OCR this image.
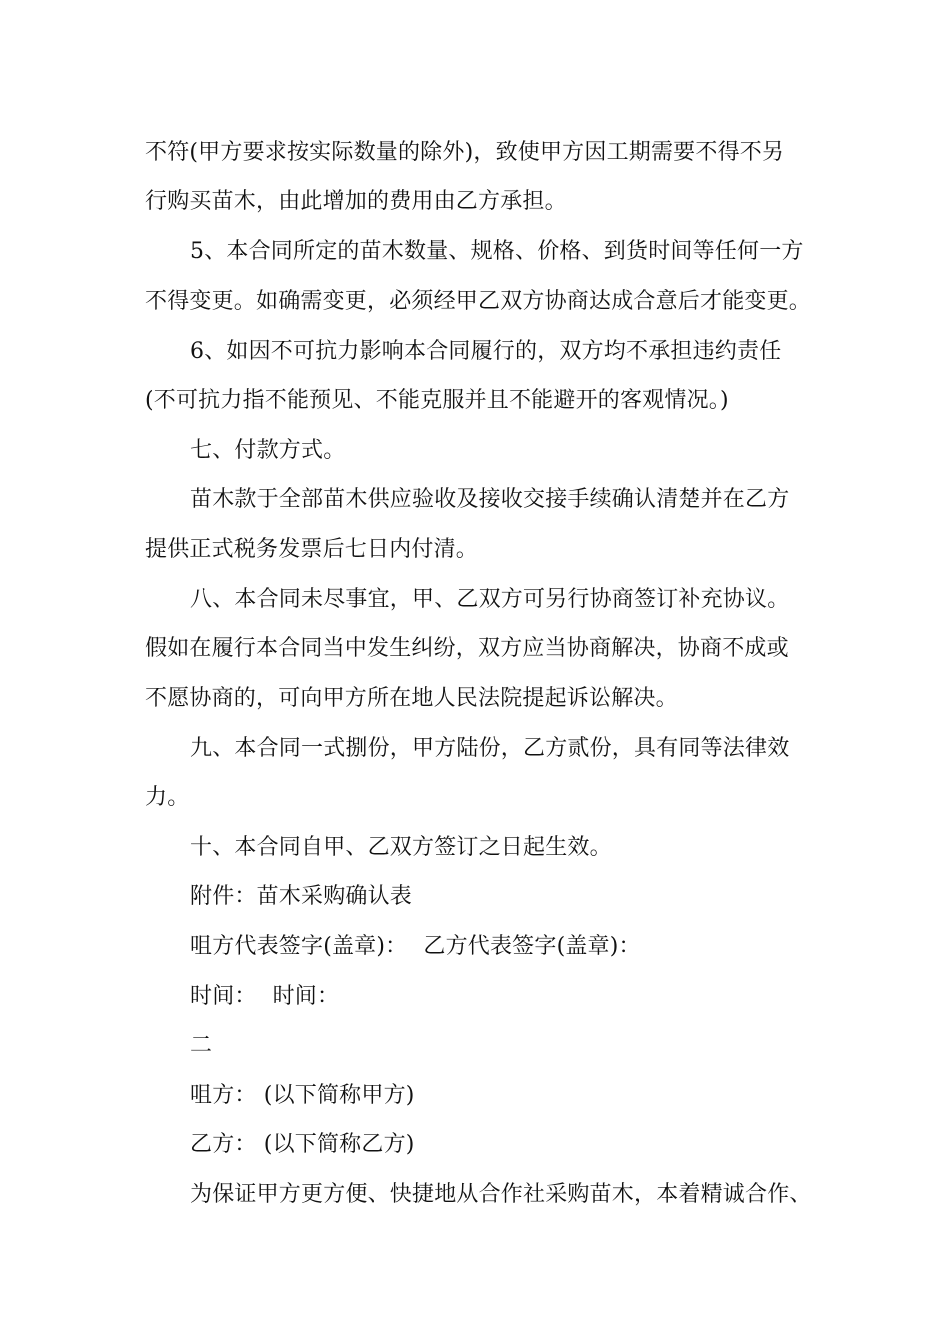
不符(甲方要求按实际数量的除外)，致使甲方因工期需要不得不另
行购买苗木，由此增加的费用由乙方承担。
5、本合同所定的苗木数量、规格、价格、到货时间等任何一方
不得变更。如确需变更，必须经甲乙双方协商达成合意后才能变更。
6、如因不可抗力影响本合同履行的，双方均不承担违约责任
(不可抗力指不能预见、不能克服并且不能避开的客观情况。)
七、付款方式。
苗木款于全部苗木供应验收及接收交接手续确认清楚并在乙方
提供正式税务发票后七日内付清。
八、本合同未尽事宜，甲、乙双方可另行协商签订补充协议。
假如在履行本合同当中发生纠纷，双方应当协商解决，协商不成或
不愿协商的，可向甲方所在地人民法院提起诉讼解决。
九、本合同一式捌份，甲方陆份，乙方贰份，具有同等法律效
力。
十、本合同自甲、乙双方签订之日起生效。
附件：苗木采购确认表
咀方代表签字(盖章)： 乙方代表签字(盖章)：
时间： 时间：
二
咀方： (以下简称甲方)
乙方： (以下简称乙方)
为保证甲方更方便、快捷地从合作社采购苗木，本着精诚合作、
